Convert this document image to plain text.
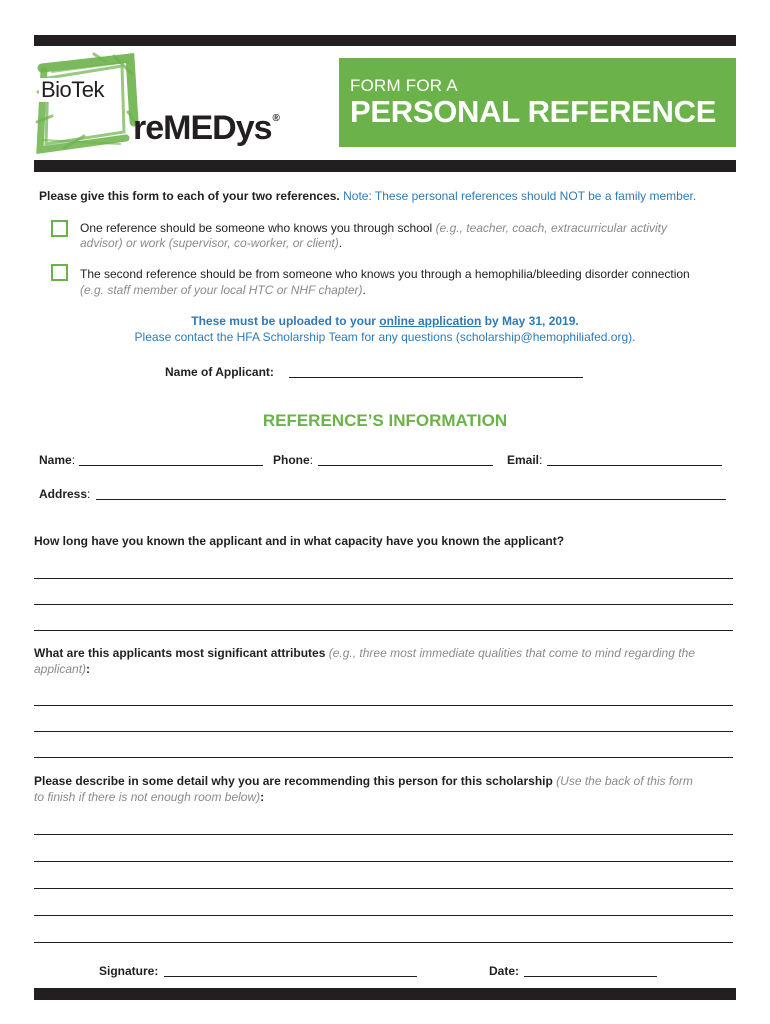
BioTek
reMEDys®
FORM FOR A
PERSONAL REFERENCE
Please give this form to each of your two references. Note: These personal references should NOT be a family member.
One reference should be someone who knows you through school (e.g., teacher, coach, extracurricular activity
advisor) or work (supervisor, co-worker, or client).
The second reference should be from someone who knows you through a hemophilia/bleeding disorder connection
(e.g. staff member of your local HTC or NHF chapter).
These must be uploaded to your online application by May 31, 2019.
Please contact the HFA Scholarship Team for any questions (scholarship@hemophiliafed.org).
Name of Applicant:
REFERENCE’S INFORMATION
Name:	Phone:	Email:
Address:
How long have you known the applicant and in what capacity have you known the applicant?
What are this applicants most significant attributes (e.g., three most immediate qualities that come to mind regarding the
applicant):
Please describe in some detail why you are recommending this person for this scholarship (Use the back of this form
to finish if there is not enough room below):
Signature:	Date:
